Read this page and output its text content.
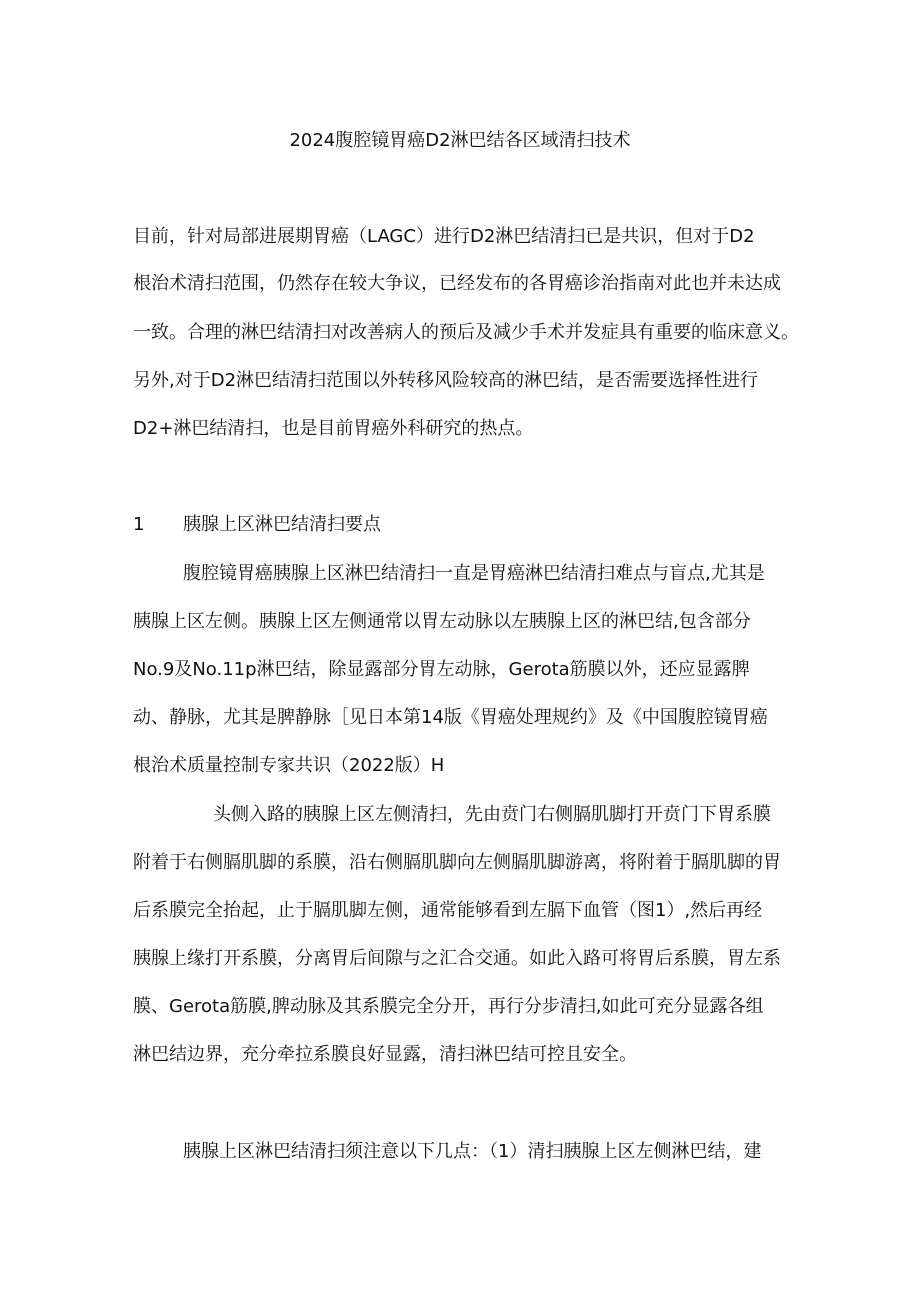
2024腹腔镜胃癌D2淋巴结各区域清扫技术
目前，针对局部进展期胃癌（LAGC）进行D2淋巴结清扫已是共识，但对于D2
根治术清扫范围，仍然存在较大争议，已经发布的各胃癌诊治指南对此也并未达成
一致。合理的淋巴结清扫对改善病人的预后及减少手术并发症具有重要的临床意义。
另外,对于D2淋巴结清扫范围以外转移风险较高的淋巴结，是否需要选择性进行
D2+淋巴结清扫，也是目前胃癌外科研究的热点。
1 胰腺上区淋巴结清扫要点
腹腔镜胃癌胰腺上区淋巴结清扫一直是胃癌淋巴结清扫难点与盲点,尤其是
胰腺上区左侧。胰腺上区左侧通常以胃左动脉以左胰腺上区的淋巴结,包含部分
No.9及No.11p淋巴结，除显露部分胃左动脉，Gerota筋膜以外，还应显露脾
动、静脉，尤其是脾静脉［见日本第14版《胃癌处理规约》及《中国腹腔镜胃癌
根治术质量控制专家共识（2022版）H
头侧入路的胰腺上区左侧清扫，先由贲门右侧膈肌脚打开贲门下胃系膜
附着于右侧膈肌脚的系膜，沿右侧膈肌脚向左侧膈肌脚游离，将附着于膈肌脚的胃
后系膜完全抬起，止于膈肌脚左侧，通常能够看到左膈下血管（图1）,然后再经
胰腺上缘打开系膜，分离胃后间隙与之汇合交通。如此入路可将胃后系膜，胃左系
膜、Gerota筋膜,脾动脉及其系膜完全分开，再行分步清扫,如此可充分显露各组
淋巴结边界，充分牵拉系膜良好显露，清扫淋巴结可控且安全。
胰腺上区淋巴结清扫须注意以下几点：（1）清扫胰腺上区左侧淋巴结，建
